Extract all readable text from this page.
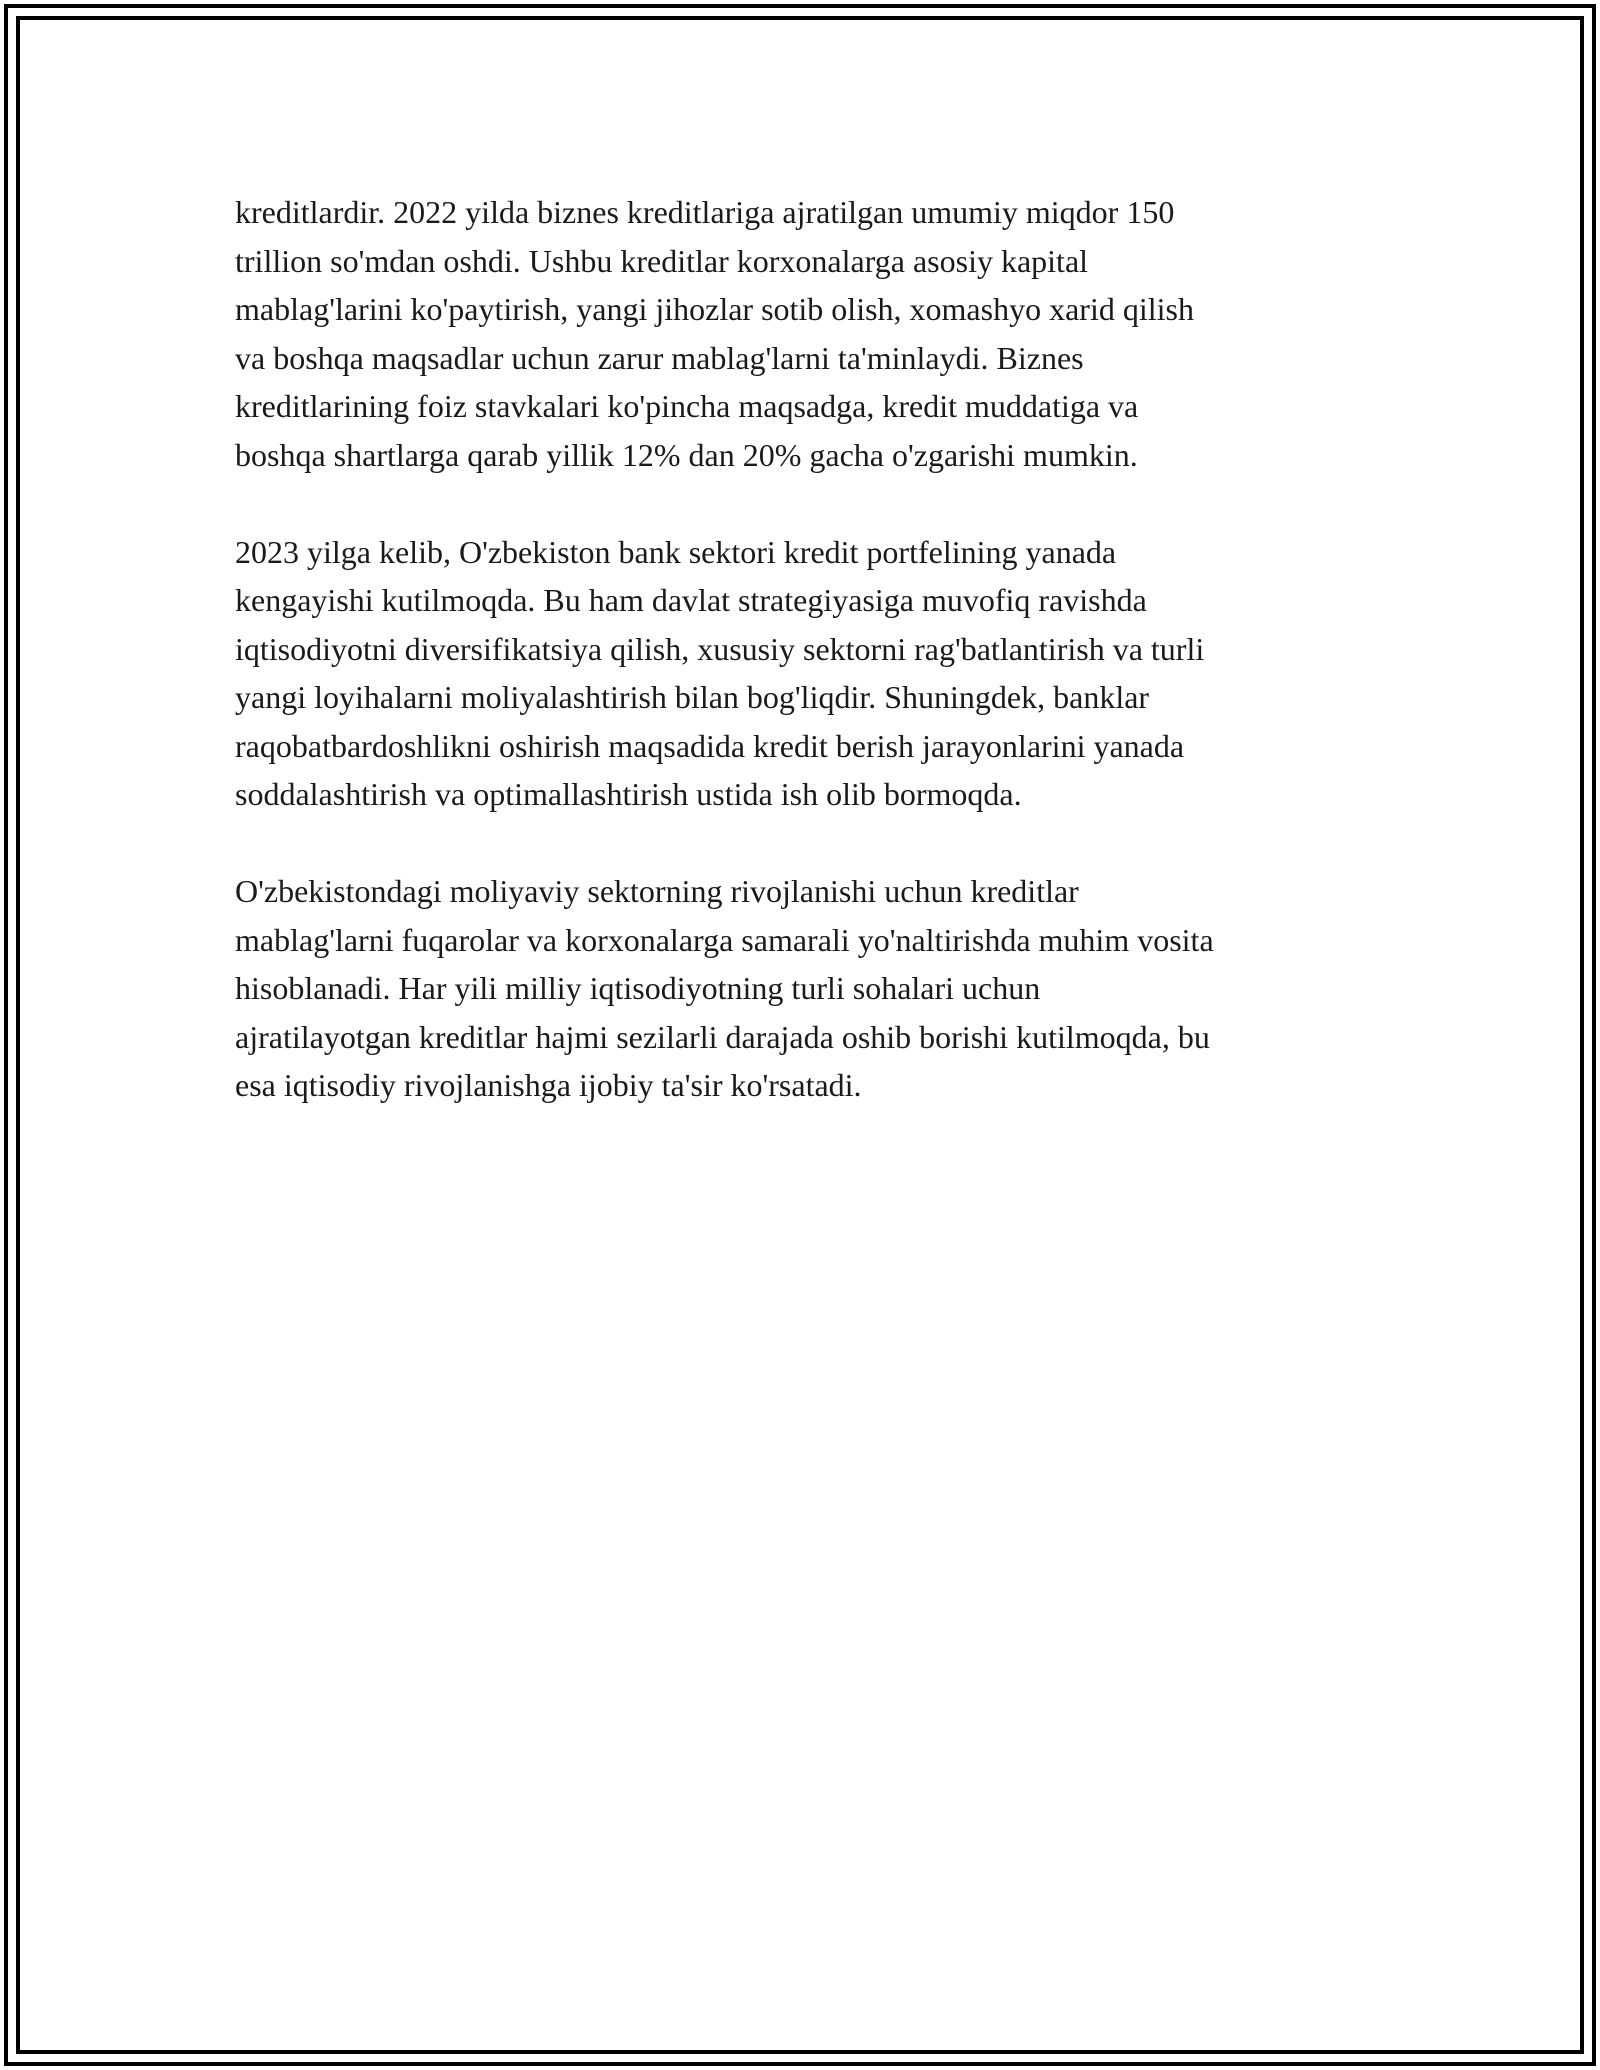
kreditlardir. 2022 yilda biznes kreditlariga ajratilgan umumiy miqdor 150
trillion so'mdan oshdi. Ushbu kreditlar korxonalarga asosiy kapital
mablag'larini ko'paytirish, yangi jihozlar sotib olish, xomashyo xarid qilish
va boshqa maqsadlar uchun zarur mablag'larni ta'minlaydi. Biznes
kreditlarining foiz stavkalari ko'pincha maqsadga, kredit muddatiga va
boshqa shartlarga qarab yillik 12% dan 20% gacha o'zgarishi mumkin.

2023 yilga kelib, O'zbekiston bank sektori kredit portfelining yanada
kengayishi kutilmoqda. Bu ham davlat strategiyasiga muvofiq ravishda
iqtisodiyotni diversifikatsiya qilish, xususiy sektorni rag'batlantirish va turli
yangi loyihalarni moliyalashtirish bilan bog'liqdir. Shuningdek, banklar
raqobatbardoshlikni oshirish maqsadida kredit berish jarayonlarini yanada
soddalashtirish va optimallashtirish ustida ish olib bormoqda.

O'zbekistondagi moliyaviy sektorning rivojlanishi uchun kreditlar
mablag'larni fuqarolar va korxonalarga samarali yo'naltirishda muhim vosita
hisoblanadi. Har yili milliy iqtisodiyotning turli sohalari uchun
ajratilayotgan kreditlar hajmi sezilarli darajada oshib borishi kutilmoqda, bu
esa iqtisodiy rivojlanishga ijobiy ta'sir ko'rsatadi.
